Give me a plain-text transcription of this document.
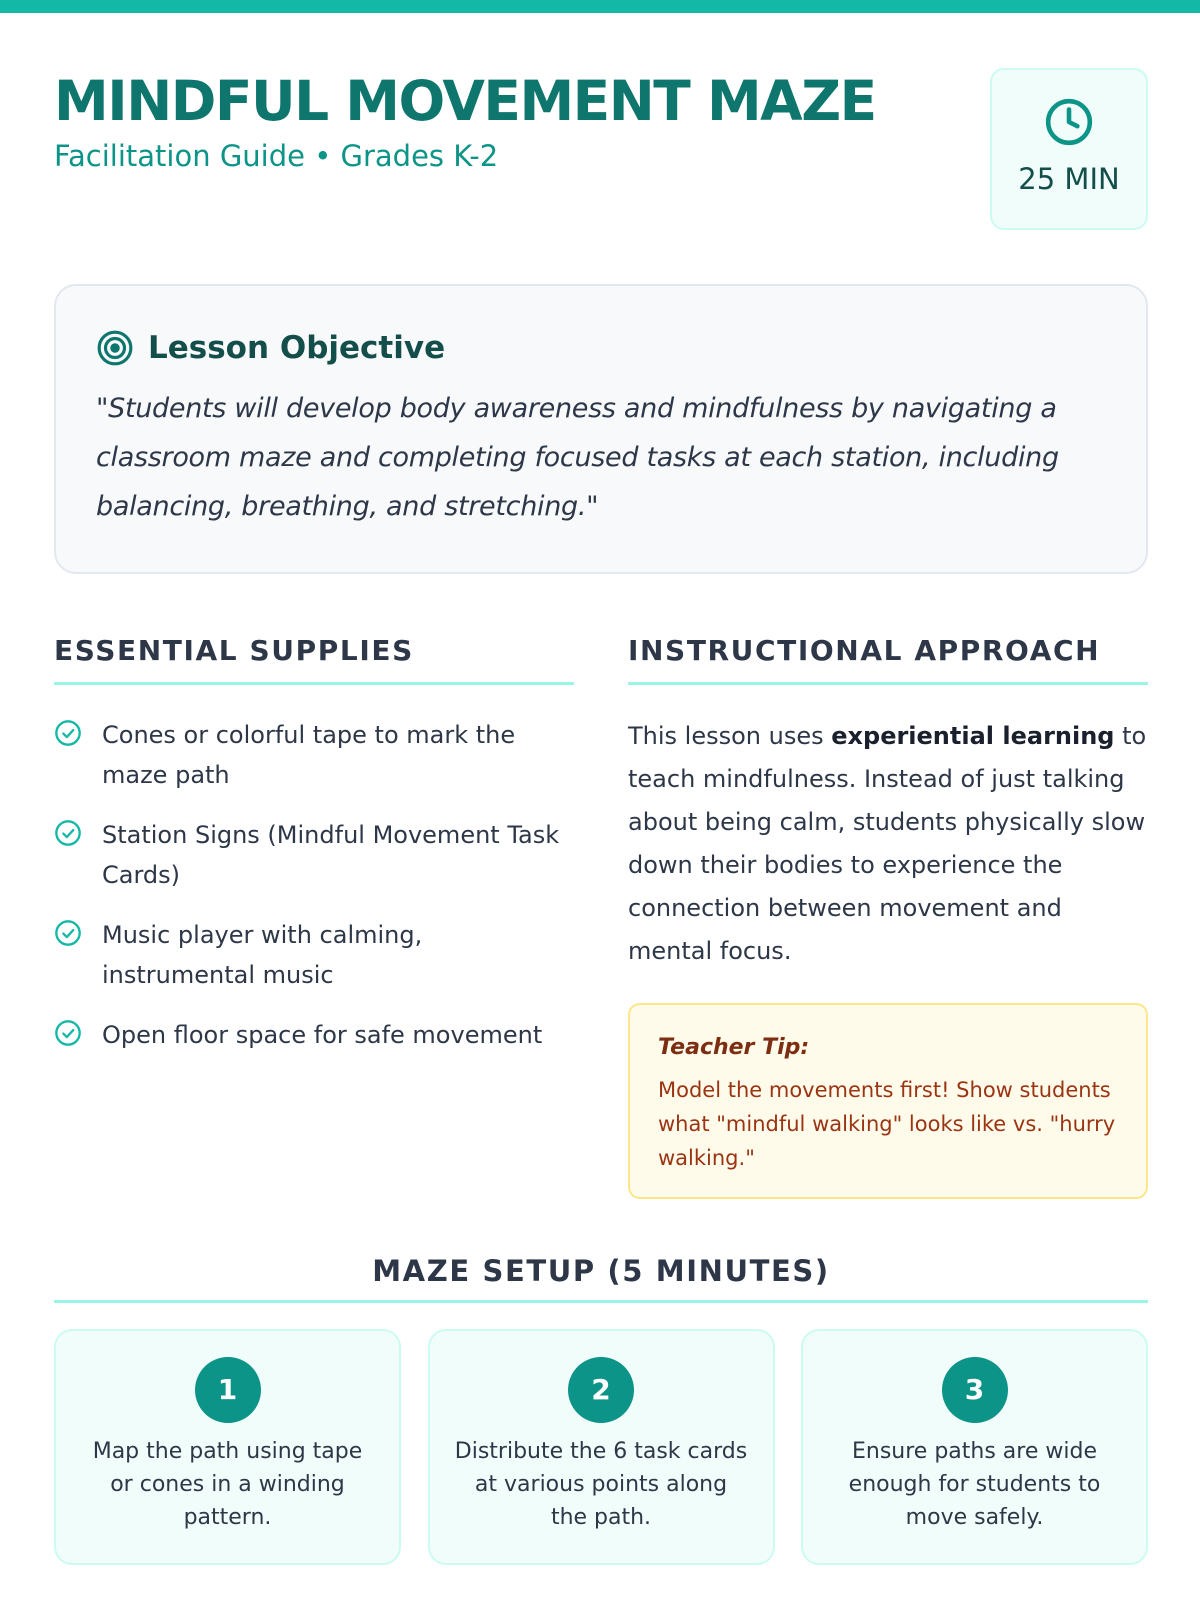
MINDFUL MOVEMENT MAZE
Facilitation Guide • Grades K-2
25 MIN
Lesson Objective

"Students will develop body awareness and mindfulness by navigating a classroom maze and completing focused tasks at each station, including balancing, breathing, and stretching."

ESSENTIAL SUPPLIES
Cones or colorful tape to mark the maze path
Station Signs (Mindful Movement Task Cards)
Music player with calming, instrumental music
Open floor space for safe movement
INSTRUCTIONAL APPROACH

This lesson uses experiential learning to teach mindfulness. Instead of just talking about being calm, students physically slow down their bodies to experience the connection between movement and mental focus.

Teacher Tip:
Model the movements first! Show students what "mindful walking" looks like vs. "hurry walking."
MAZE SETUP (5 MINUTES)
1
Map the path using tape or cones in a winding pattern.
2
Distribute the 6 task cards at various points along the path.
3
Ensure paths are wide enough for students to move safely.
